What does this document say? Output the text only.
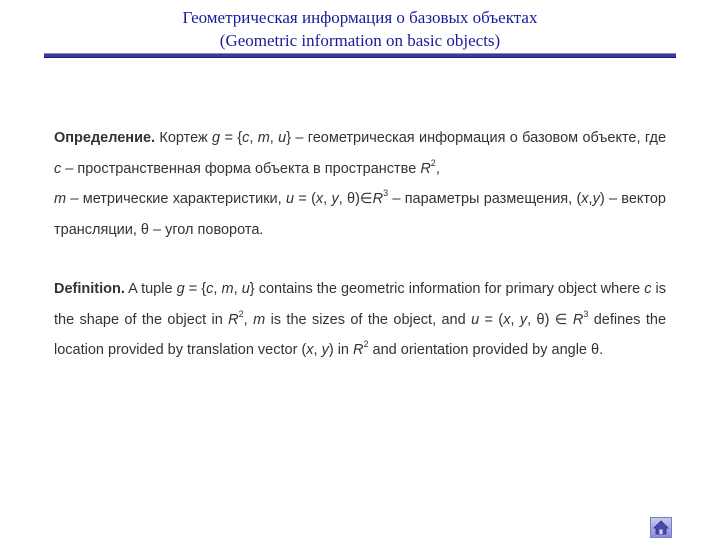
Геометрическая информация о базовых объектах
(Geometric information on basic objects)
Определение. Кортеж g = {c, m, u} – геометрическая информация о базовом объекте, где c – пространственная форма объекта в пространстве $R^2$,
m – метрические характеристики, u = (x, y, $\theta)\in R^3$ – параметры размещения, (x,y) – вектор трансляции, θ – угол поворота.
Definition. A tuple g = {c, m, u} contains the geometric information for primary object where c is the shape of the object in $R^2$, m is the sizes of the object, and u = (x, y, θ) ∈ $R^3$ defines the location provided by translation vector (x, y) in $R^2$ and orientation provided by angle θ.
